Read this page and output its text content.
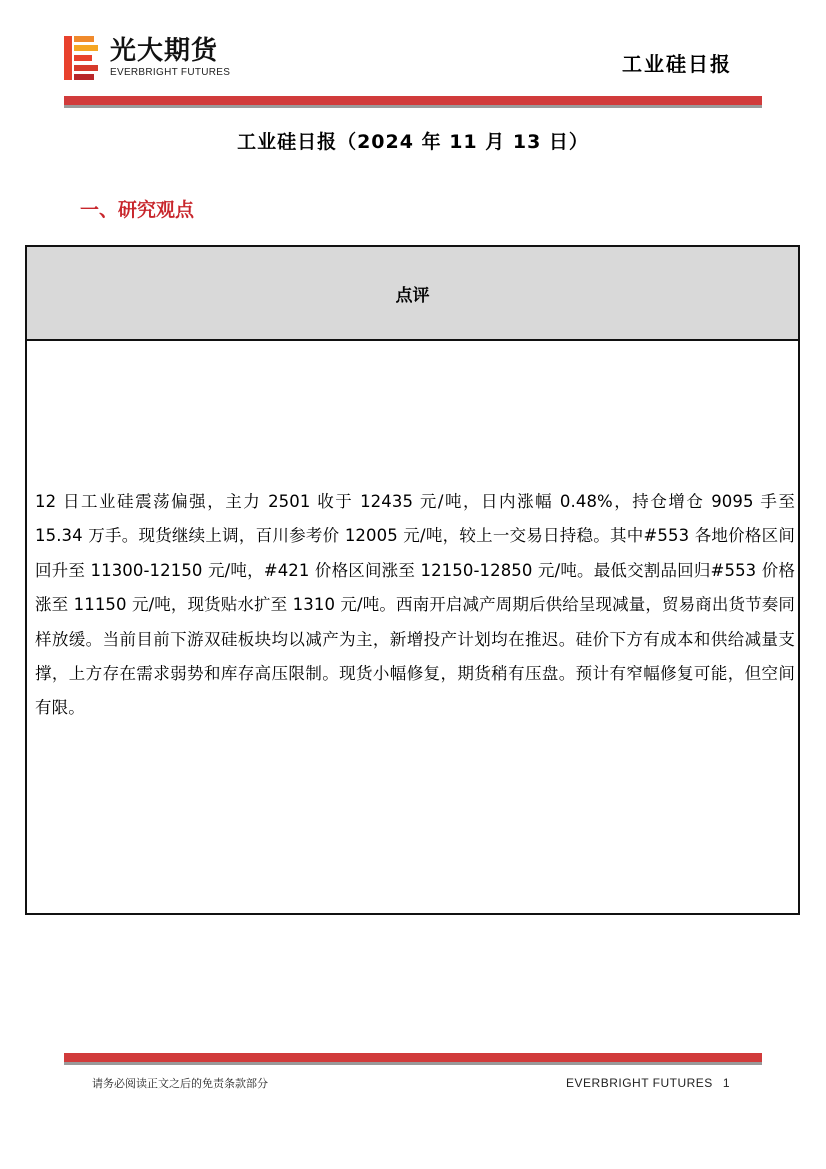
光大期货
EVERBRIGHT FUTURES	工业硅日报
工业硅日报（2024 年 11 月 13 日）
一、研究观点
点评
12 日工业硅震荡偏强，主力 2501 收于 12435 元/吨，日内涨幅 0.48%，持仓增仓 9095 手至 15.34 万手。现货继续上调，百川参考价 12005 元/吨，较上一交易日持稳。其中#553 各地价格区间回升至 11300-12150 元/吨，#421 价格区间涨至 12150-12850 元/吨。最低交割品回归#553 价格涨至 11150 元/吨，现货贴水扩至 1310 元/吨。西南开启减产周期后供给呈现减量，贸易商出货节奏同样放缓。当前目前下游双硅板块均以减产为主，新增投产计划均在推迟。硅价下方有成本和供给减量支撑，上方存在需求弱势和库存高压限制。现货小幅修复，期货稍有压盘。预计有窄幅修复可能，但空间有限。
请务必阅读正文之后的免责条款部分	EVERBRIGHT FUTURES 1
